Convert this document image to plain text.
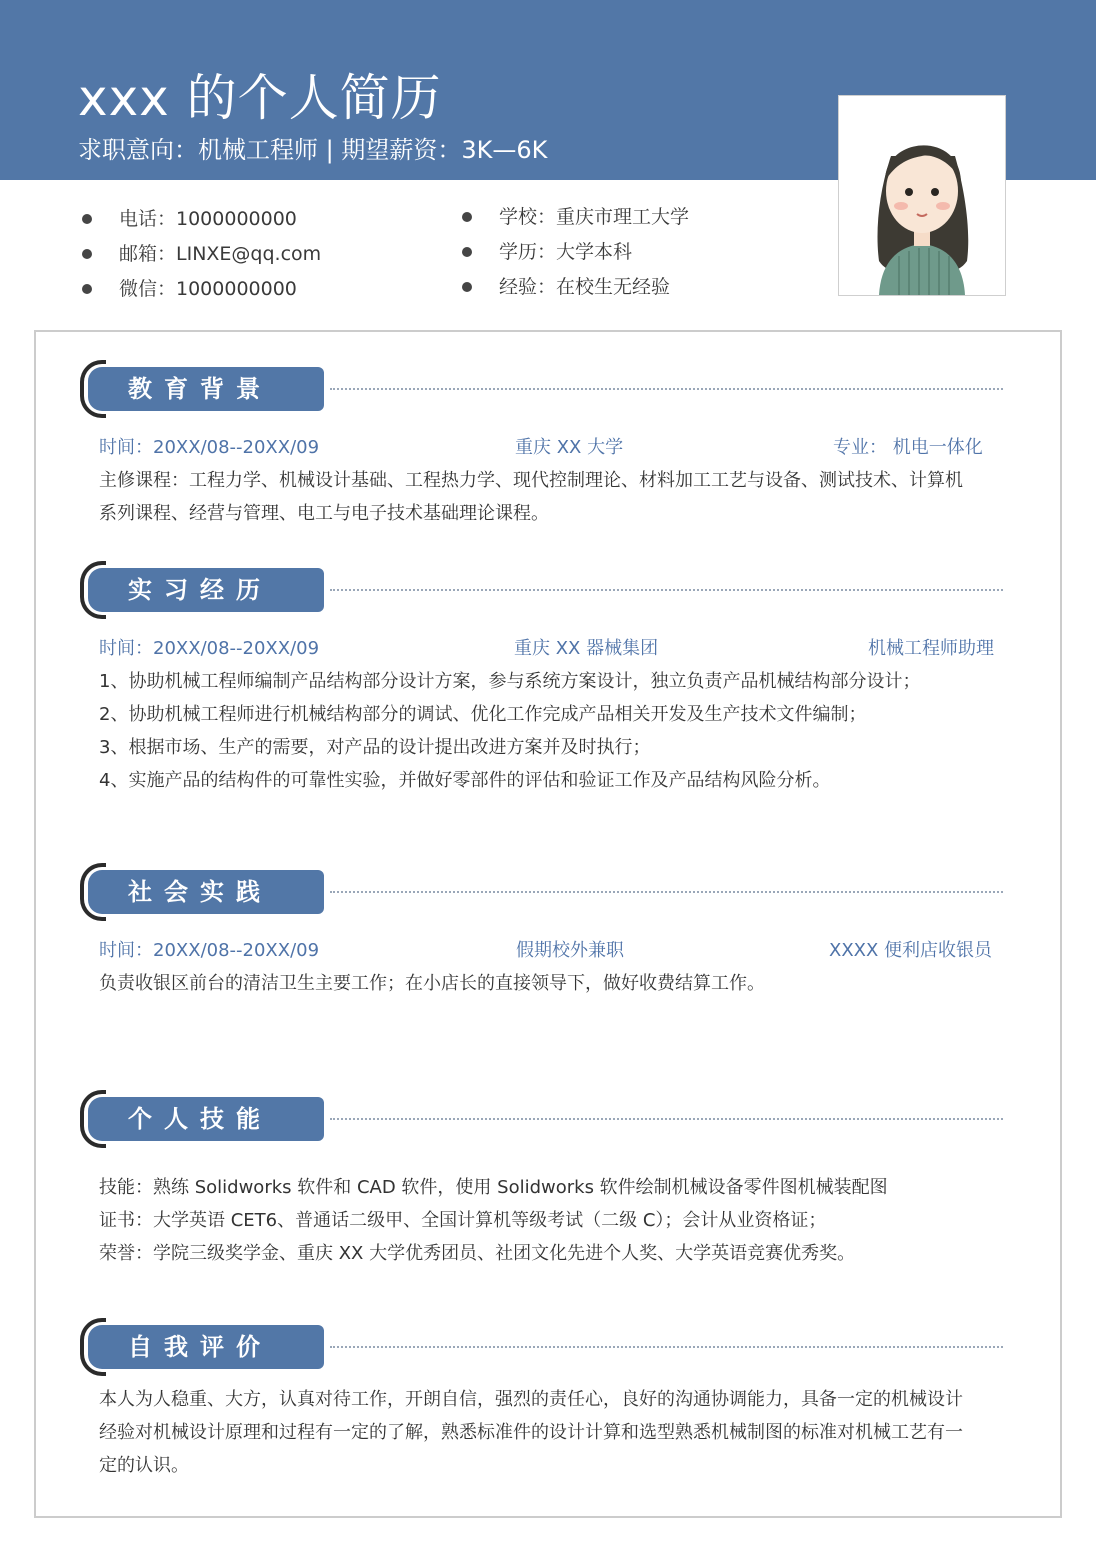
xxx 的个人简历
求职意向：机械工程师 | 期望薪资：3K—6K
电话：1000000000
邮箱：LINXE@qq.com
微信：1000000000
学校：重庆市理工大学
学历：大学本科
经验：在校生无经验
教育背景
时间：20XX/08--20XX/09	重庆 XX 大学	专业： 机电一体化
主修课程：工程力学、机械设计基础、工程热力学、现代控制理论、材料加工工艺与设备、测试技术、计算机
系列课程、经营与管理、电工与电子技术基础理论课程。
实习经历
时间：20XX/08--20XX/09	重庆 XX 器械集团	机械工程师助理
1、协助机械工程师编制产品结构部分设计方案，参与系统方案设计，独立负责产品机械结构部分设计；
2、协助机械工程师进行机械结构部分的调试、优化工作完成产品相关开发及生产技术文件编制；
3、根据市场、生产的需要，对产品的设计提出改进方案并及时执行；
4、实施产品的结构件的可靠性实验，并做好零部件的评估和验证工作及产品结构风险分析。
社会实践
时间：20XX/08--20XX/09	假期校外兼职	XXXX 便利店收银员
负责收银区前台的清洁卫生主要工作；在小店长的直接领导下，做好收费结算工作。
个人技能
技能：熟练 Solidworks 软件和 CAD 软件，使用 Solidworks 软件绘制机械设备零件图机械装配图
证书：大学英语 CET6、普通话二级甲、全国计算机等级考试（二级 C）；会计从业资格证；
荣誉：学院三级奖学金、重庆 XX 大学优秀团员、社团文化先进个人奖、大学英语竞赛优秀奖。
自我评价
本人为人稳重、大方，认真对待工作，开朗自信，强烈的责任心，良好的沟通协调能力，具备一定的机械设计
经验对机械设计原理和过程有一定的了解，熟悉标准件的设计计算和选型熟悉机械制图的标准对机械工艺有一
定的认识。
